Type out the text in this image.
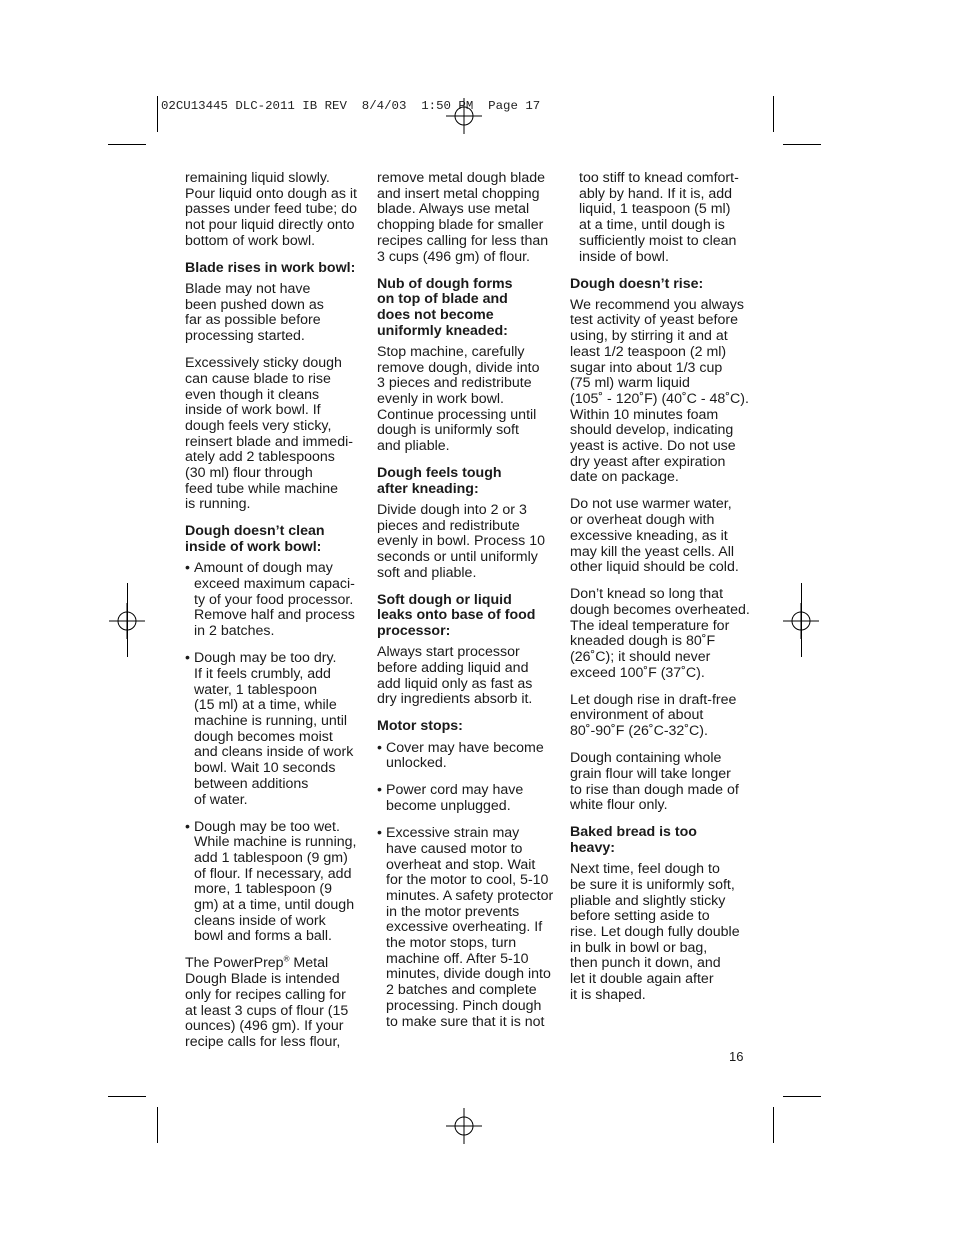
02CU13445 DLC-2011 IB REV  8/4/03  1:50 PM  Page 17

remaining liquid slowly.
Pour liquid onto dough as it
passes under feed tube; do
not pour liquid directly onto
bottom of work bowl.

Blade rises in work bowl:

Blade may not have
been pushed down as
far as possible before
processing started.

Excessively sticky dough
can cause blade to rise
even though it cleans
inside of work bowl. If
dough feels very sticky,
reinsert blade and immedi-
ately add 2 tablespoons
(30 ml) flour through
feed tube while machine
is running.

Dough doesn’t clean
inside of work bowl:
• Amount of dough may
exceed maximum capaci-
ty of your food processor.
Remove half and process
in 2 batches.
• Dough may be too dry.
If it feels crumbly, add
water, 1 tablespoon
(15 ml) at a time, while
machine is running, until
dough becomes moist
and cleans inside of work
bowl. Wait 10 seconds
between additions
of water.
• Dough may be too wet.
While machine is running,
add 1 tablespoon (9 gm)
of flour. If necessary, add
more, 1 tablespoon (9
gm) at a time, until dough
cleans inside of work
bowl and forms a ball.

The PowerPrep® Metal
Dough Blade is intended
only for recipes calling for
at least 3 cups of flour (15
ounces) (496 gm). If your
recipe calls for less flour,

remove metal dough blade
and insert metal chopping
blade. Always use metal
chopping blade for smaller
recipes calling for less than
3 cups (496 gm) of flour.

Nub of dough forms
on top of blade and
does not become
uniformly kneaded:

Stop machine, carefully
remove dough, divide into
3 pieces and redistribute
evenly in work bowl.
Continue processing until
dough is uniformly soft
and pliable.

Dough feels tough
after kneading:

Divide dough into 2 or 3
pieces and redistribute
evenly in bowl. Process 10
seconds or until uniformly
soft and pliable.

Soft dough or liquid
leaks onto base of food
processor:

Always start processor
before adding liquid and
add liquid only as fast as
dry ingredients absorb it.

Motor stops:
• Cover may have become
unlocked.
• Power cord may have
become unplugged.
• Excessive strain may
have caused motor to
overheat and stop. Wait
for the motor to cool, 5-10
minutes. A safety protector
in the motor prevents
excessive overheating. If
the motor stops, turn
machine off. After 5-10
minutes, divide dough into
2 batches and complete
processing. Pinch dough
to make sure that it is not

too stiff to knead comfort-
ably by hand. If it is, add
liquid, 1 teaspoon (5 ml)
at a time, until dough is
sufficiently moist to clean
inside of bowl.

Dough doesn’t rise:

We recommend you always
test activity of yeast before
using, by stirring it and at
least 1/2 teaspoon (2 ml)
sugar into about 1/3 cup
(75 ml) warm liquid
(105˚ - 120˚F) (40˚C - 48˚C).
Within 10 minutes foam
should develop, indicating
yeast is active. Do not use
dry yeast after expiration
date on package.

Do not use warmer water,
or overheat dough with
excessive kneading, as it
may kill the yeast cells. All
other liquid should be cold.

Don’t knead so long that
dough becomes overheated.
The ideal temperature for
kneaded dough is 80˚F
(26˚C); it should never
exceed 100˚F (37˚C).

Let dough rise in draft-free
environment of about
80˚-90˚F (26˚C-32˚C).

Dough containing whole
grain flour will take longer
to rise than dough made of
white flour only.

Baked bread is too
heavy:

Next time, feel dough to
be sure it is uniformly soft,
pliable and slightly sticky
before setting aside to
rise. Let dough fully double
in bulk in bowl or bag,
then punch it down, and
let it double again after
it is shaped.

16
